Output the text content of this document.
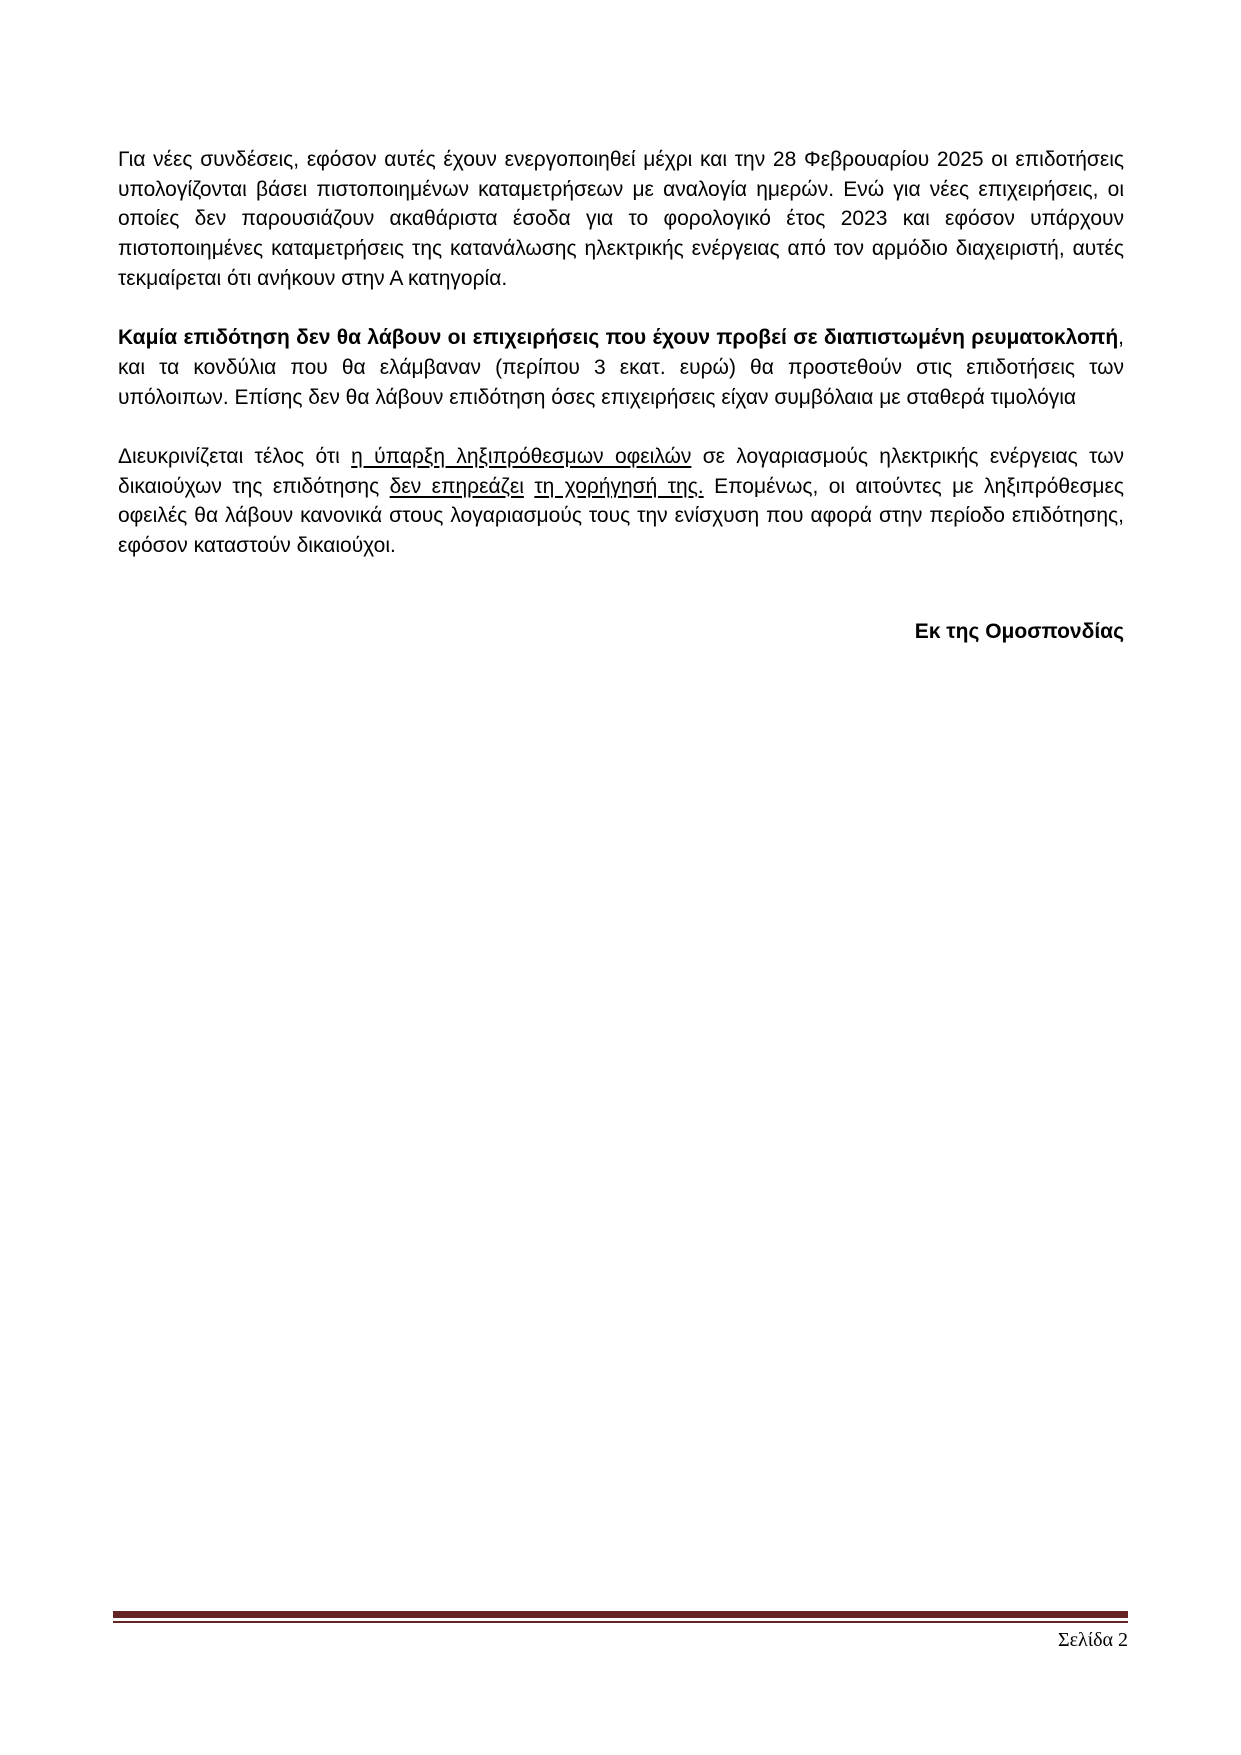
Για νέες συνδέσεις, εφόσον αυτές έχουν ενεργοποιηθεί μέχρι και την 28 Φεβρουαρίου 2025 οι επιδοτήσεις υπολογίζονται βάσει πιστοποιημένων καταμετρήσεων με αναλογία ημερών. Ενώ για νέες επιχειρήσεις, οι οποίες δεν παρουσιάζουν ακαθάριστα έσοδα για το φορολογικό έτος 2023 και εφόσον υπάρχουν πιστοποιημένες καταμετρήσεις της κατανάλωσης ηλεκτρικής ενέργειας από τον αρμόδιο διαχειριστή, αυτές τεκμαίρεται ότι ανήκουν στην Α κατηγορία.

Καμία επιδότηση δεν θα λάβουν οι επιχειρήσεις που έχουν προβεί σε διαπιστωμένη ρευματοκλοπή, και τα κονδύλια που θα ελάμβαναν (περίπου 3 εκατ. ευρώ) θα προστεθούν στις επιδοτήσεις των υπόλοιπων. Επίσης δεν θα λάβουν επιδότηση όσες επιχειρήσεις είχαν συμβόλαια με σταθερά τιμολόγια

Διευκρινίζεται τέλος ότι η ύπαρξη ληξιπρόθεσμων οφειλών σε λογαριασμούς ηλεκτρικής ενέργειας των δικαιούχων της επιδότησης δεν επηρεάζει τη χορήγησή της. Επομένως, οι αιτούντες με ληξιπρόθεσμες οφειλές θα λάβουν κανονικά στους λογαριασμούς τους την ενίσχυση που αφορά στην περίοδο επιδότησης, εφόσον καταστούν δικαιούχοι.

Εκ της Ομοσπονδίας

Σελίδα 2
